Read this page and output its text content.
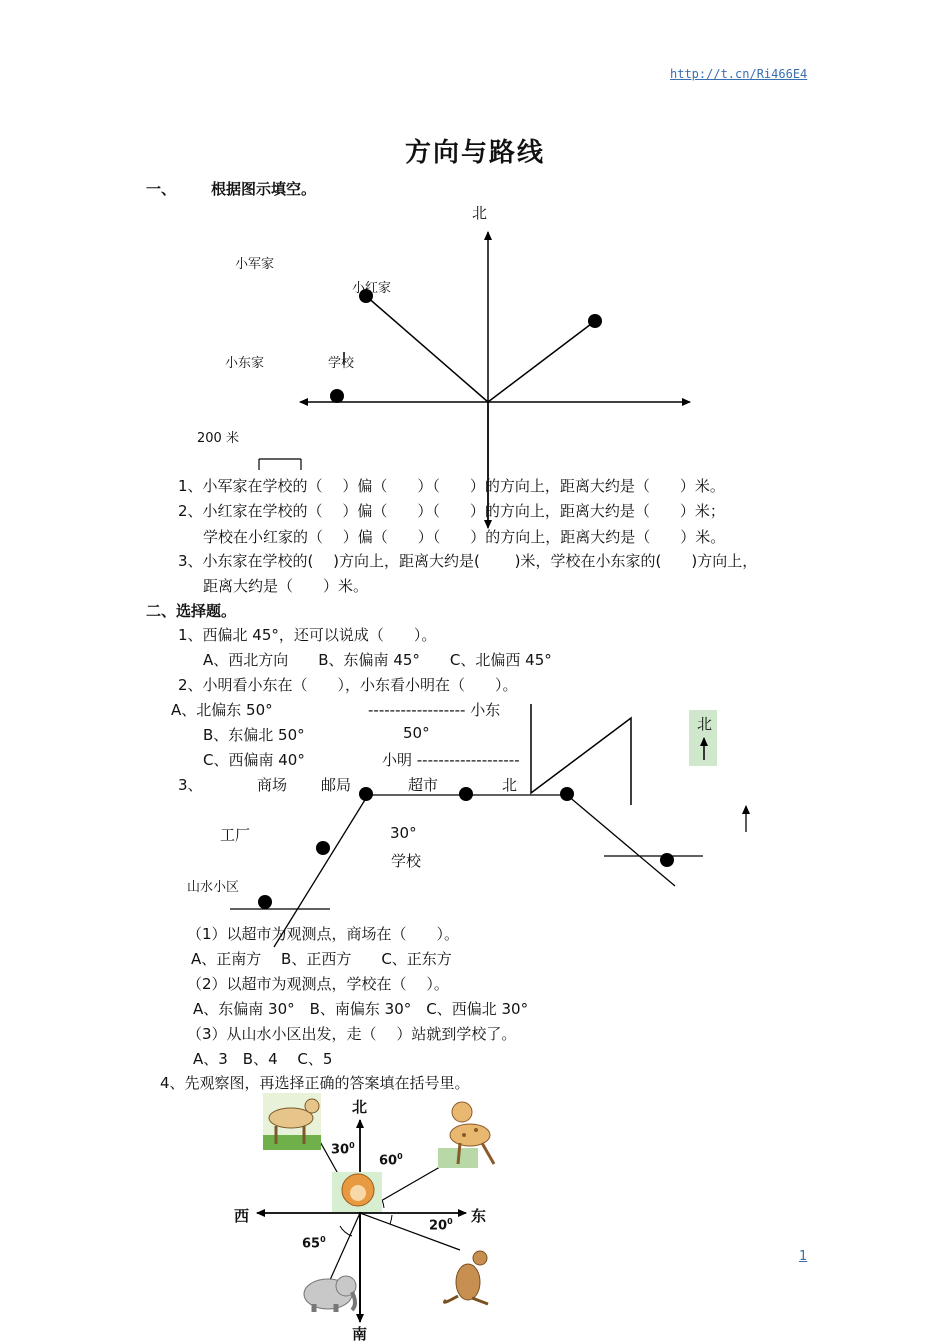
http://t.cn/Ri466E4
方向与路线
一、 根据图示填空。
北
小军家
小红家
小东家	学校
200 米
1、小军家在学校的（　 ）偏（　　）（　　）的方向上，距离大约是（　　）米。
2、小红家在学校的（　 ）偏（　　）（　　）的方向上，距离大约是（　　）米；
学校在小红家的（　 ）偏（　　）（　　）的方向上，距离大约是（　　）米。
3、小东家在学校的(　 )方向上，距离大约是(　　 )米，学校在小东家的(　　)方向上，
距离大约是（　　）米。
二、选择题。
1、西偏北 45°，还可以说成（　　）。
A、西北方向　　B、东偏南 45°　　C、北偏西 45°
2、小明看小东在（　　），小东看小明在（　　）。
A、北偏东 50°
B、东偏北 50°
C、西偏南 40°
------------------ 小东
50°
小明 -------------------
北
3、	商场 邮局	超市	北
工厂	30°
学校
山水小区
（1）以超市为观测点，商场在（　　）。
A、正南方　 B、正西方　　C、正东方
（2）以超市为观测点，学校在（　 ）。
A、东偏南 30°　B、南偏东 30°　C、西偏北 30°
（3）从山水小区出发，走（　 ）站就到学校了。
A、3　B、4　 C、5
4、先观察图，再选择正确的答案填在括号里。
北
南
西	东
$30^0$
$60^0$
$20^0$
$65^0$
1
